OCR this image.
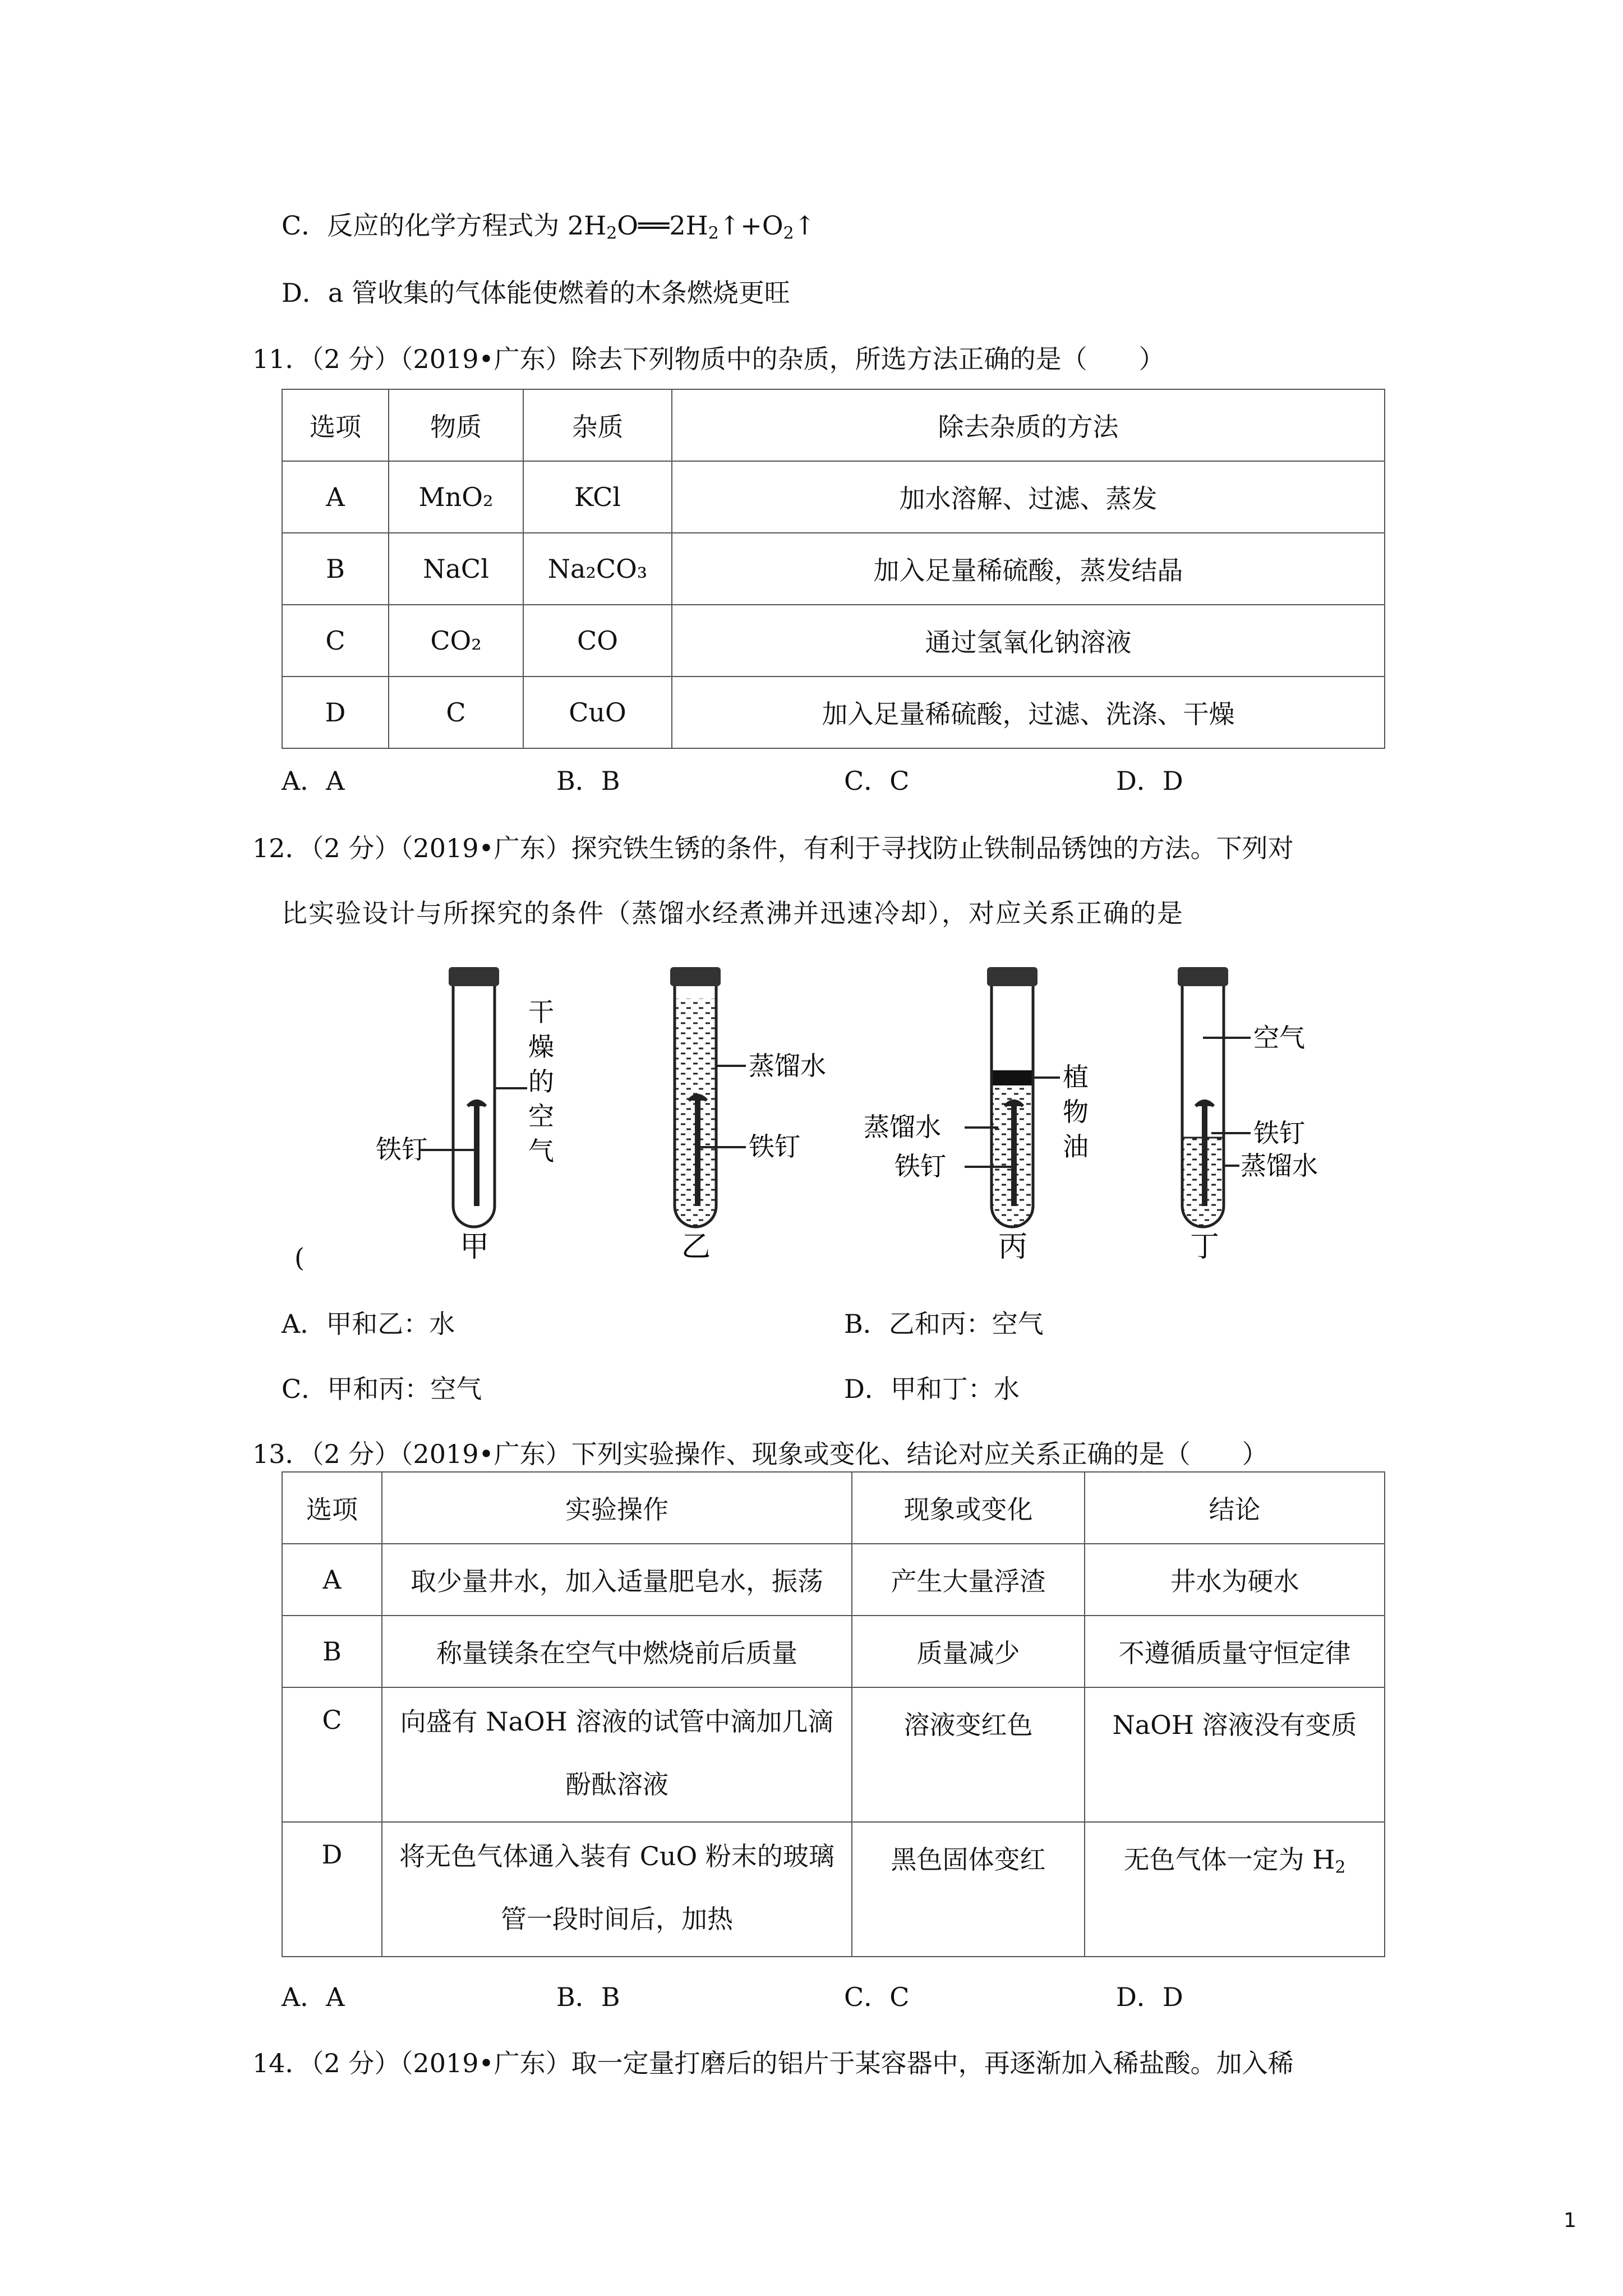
C．反应的化学方程式为 $2H_2O══2H_2↑+O_2↑$
D．a 管收集的气体能使燃着的木条燃烧更旺
11．（2 分）（2019•广东）除去下列物质中的杂质，所选方法正确的是（　　）
选项	物质	杂质	除去杂质的方法
A	MnO₂	KCl	加水溶解、过滤、蒸发
B	NaCl	Na₂CO₃	加入足量稀硫酸，蒸发结晶
C	CO₂	CO	通过氢氧化钠溶液
D	C	CuO	加入足量稀硫酸，过滤、洗涤、干燥
A．A	B．B	C．C	D．D
12．（2 分）（2019•广东）探究铁生锈的条件，有利于寻找防止铁制品锈蚀的方法。下列对
比实验设计与所探究的条件（蒸馏水经煮沸并迅速冷却），对应关系正确的是
铁钉
干
燥
的
空
气
甲
蒸馏水
铁钉
乙
植
物
油
蒸馏水
铁钉
丙
空气
铁钉
蒸馏水
丁
(
A．甲和乙：水	B．乙和丙：空气
C．甲和丙：空气	D．甲和丁：水
13．（2 分）（2019•广东）下列实验操作、现象或变化、结论对应关系正确的是（　　）
选项	实验操作	现象或变化	结论
A	取少量井水，加入适量肥皂水，振荡	产生大量浮渣	井水为硬水
B	称量镁条在空气中燃烧前后质量	质量减少	不遵循质量守恒定律
C	向盛有 NaOH 溶液的试管中滴加几滴
酚酞溶液	溶液变红色	NaOH 溶液没有变质
D	将无色气体通入装有 CuO 粉末的玻璃
管一段时间后，加热	黑色固体变红	无色气体一定为 $H_2$
A．A	B．B	C．C	D．D
14．（2 分）（2019•广东）取一定量打磨后的铝片于某容器中，再逐渐加入稀盐酸。加入稀
1
